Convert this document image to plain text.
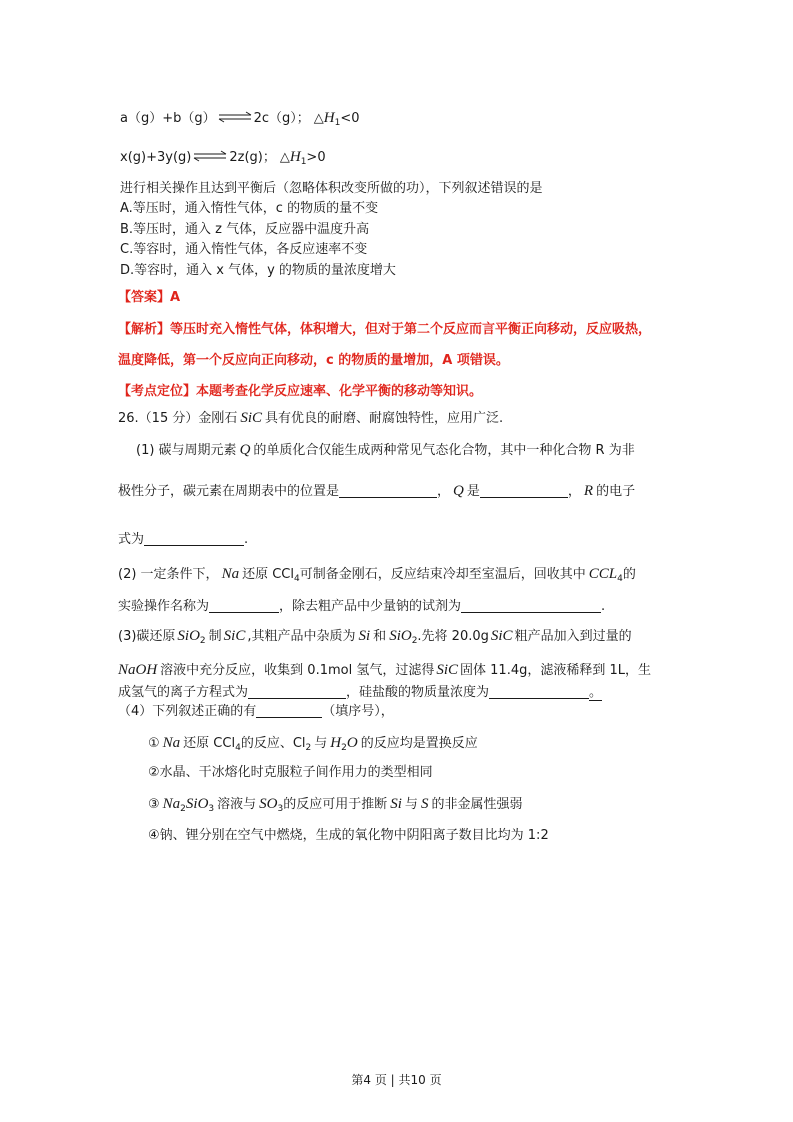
a（g）+b（g） ⇌ 2c（g）； $\triangle H_1<0$
x(g)+3y(g) ⇌ 2z(g)； $\triangle H_1>0$
进行相关操作且达到平衡后（忽略体积改变所做的功），下列叙述错误的是
A.等压时，通入惰性气体，c 的物质的量不变
B.等压时，通入 z 气体，反应器中温度升高
C.等容时，通入惰性气体，各反应速率不变
D.等容时，通入 x 气体，y 的物质的量浓度增大
【答案】A
【解析】等压时充入惰性气体，体积增大，但对于第二个反应而言平衡正向移动，反应吸热，
温度降低，第一个反应向正向移动，c 的物质的量增加，A 项错误。
【考点定位】本题考查化学反应速率、化学平衡的移动等知识。
26.（15 分）金刚石 SiC 具有优良的耐磨、耐腐蚀特性，应用广泛.
(1) 碳与周期元素 Q 的单质化合仅能生成两种常见气态化合物，其中一种化合物 R 为非
极性分子，碳元素在周期表中的位置是	， Q 是	， R 的电子
式为	.
(2) 一定条件下， Na 还原 CCl$_4$可制备金刚石，反应结束冷却至室温后，回收其中 $CCL_4$的
实验操作名称为	，除去粗产品中少量钠的试剂为	.
(3)碳还原 SiO$_2$ 制 SiC ,其粗产品中杂质为 Si 和 SiO$_2$.先将 20.0g SiC 粗产品加入到过量的
NaOH 溶液中充分反应，收集到 0.1mol 氢气，过滤得 SiC 固体 11.4g，滤液稀释到 1L，生
成氢气的离子方程式为	，硅盐酸的物质量浓度为	。
（4）下列叙述正确的有	（填序号），
① Na 还原 CCl$_4$的反应、$Cl_2$ 与 $H_2O$ 的反应均是置换反应
②水晶、干冰熔化时克服粒子间作用力的类型相同
③ $Na_2SiO_3$ 溶液与 $SO_3$的反应可用于推断 Si 与 S 的非金属性强弱
④钠、锂分别在空气中燃烧，生成的氧化物中阴阳离子数目比均为 1:2
第4 页 | 共10 页
